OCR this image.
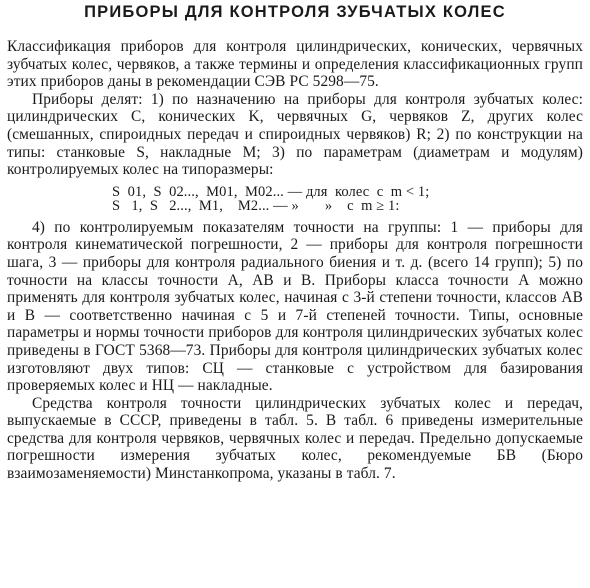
ПРИБОРЫ ДЛЯ КОНТРОЛЯ ЗУБЧАТЫХ КОЛЕС

Классификация приборов для контроля цилиндрических, конических, червячных зубчатых колес, червяков, а также термины и определения классификационных групп этих приборов даны в рекомендации СЭВ РС 5298—75.

Приборы делят: 1) по назначению на приборы для контроля зубчатых колес: цилиндрических С, конических K, червячных G, червяков Z, других колес (смешанных, спироидных передач и спироидных червяков) R; 2) по конструкции на типы: станковые S, накладные М; 3) по параметрам (диаметрам и модулям) контролируемых колес на типоразмеры:

S  01,  S  02...,  M01,  M02... — для  колес  с  m < 1;
S   1,  S   2...,  M1,    M2... — »       »    с  m ≥ 1:

4) по контролируемым показателям точности на группы: 1 — приборы для контроля кинематической погрешности, 2 — приборы для контроля погрешности шага, 3 — приборы для контроля радиального биения и т. д. (всего 14 групп); 5) по точности на классы точности А, АВ и В. Приборы класса точности А можно применять для контроля зубчатых колес, начиная с 3-й степени точности, классов АВ и В — соответственно начиная с 5 и 7-й степеней точности. Типы, основные параметры и нормы точности приборов для контроля цилиндрических зубчатых колес приведены в ГОСТ 5368—73. Приборы для контроля цилиндрических зубчатых колес изготовляют двух типов: СЦ — станковые с устройством для базирования проверяемых колес и НЦ — накладные.

Средства контроля точности цилиндрических зубчатых колес и передач, выпускаемые в СССР, приведены в табл. 5. В табл. 6 приведены измерительные средства для контроля червяков, червячных колес и передач. Предельно допускаемые погрешности измерения зубчатых колес, рекомендуемые БВ (Бюро взаимозаменяемости) Минстанкопрома, указаны в табл. 7.
